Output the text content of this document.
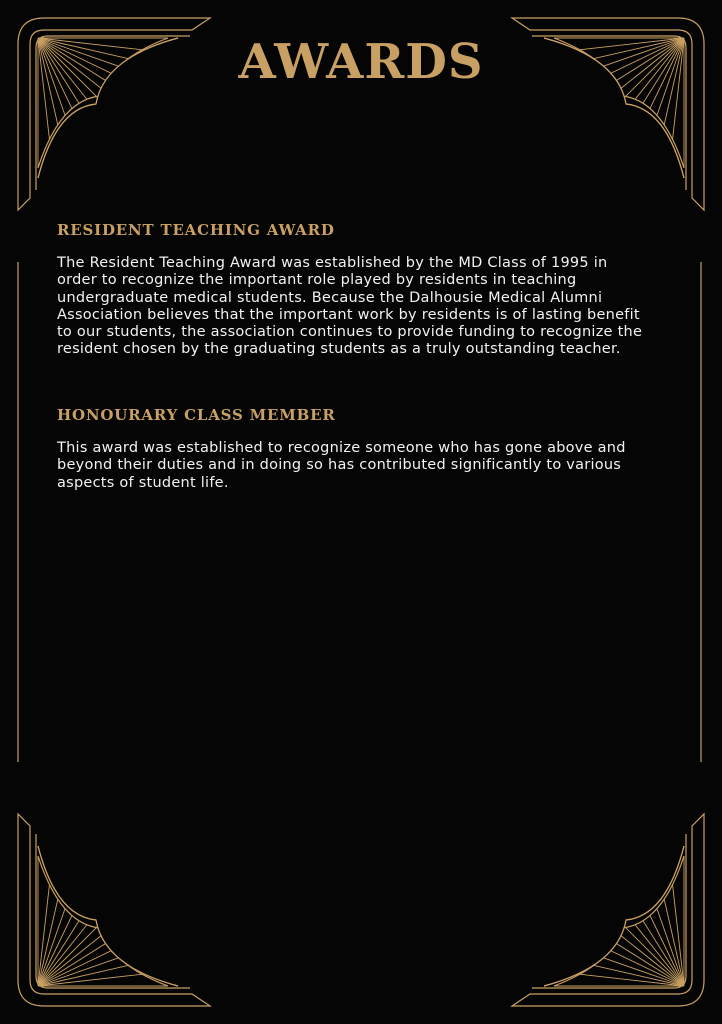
AWARDS
RESIDENT TEACHING AWARD

The Resident Teaching Award was established by the MD Class of 1995 in order to recognize the important role played by residents in teaching undergraduate medical students. Because the Dalhousie Medical Alumni Association believes that the important work by residents is of lasting benefit to our students, the association continues to provide funding to recognize the resident chosen by the graduating students as a truly outstanding teacher.

HONOURARY CLASS MEMBER

This award was established to recognize someone who has gone above and beyond their duties and in doing so has contributed significantly to various aspects of student life.
